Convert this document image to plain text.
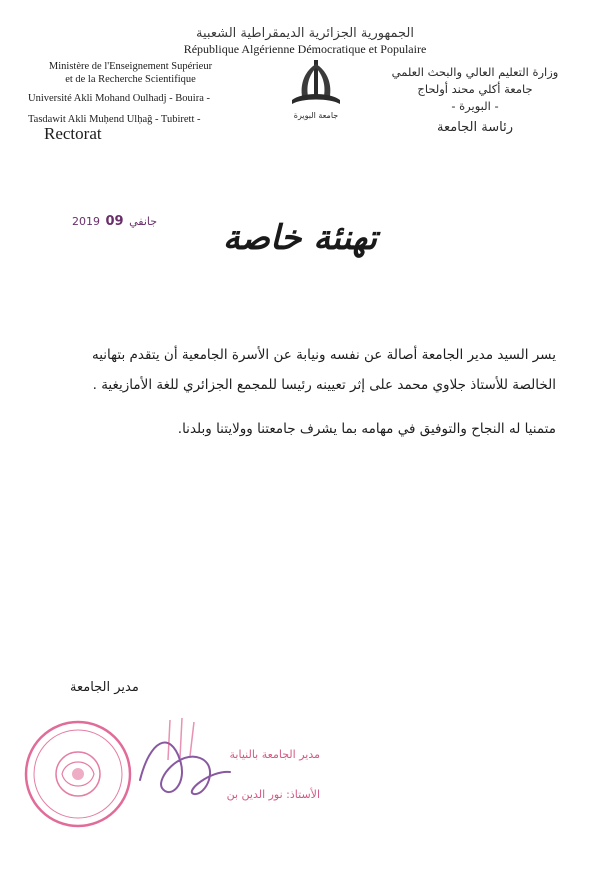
الجمهورية الجزائرية الديمقراطية الشعبية
République Algérienne Démocratique et Populaire
Ministère de l'Enseignement Supérieur
et de la Recherche Scientifique
Université Akli Mohand Oulhadj - Bouira -
Tasdawit Akli Muḥend Ulḥağ - Tubirett -
Rectorat
وزارة التعليم العالي والبحث العلمي
جامعة أكلي محند أولحاج
- البويرة -
رئاسة الجامعة
جامعة البويرة
2019	جانفي 09	تهنئة خاصة

يسر السيد مدير الجامعة أصالة عن نفسه ونيابة عن الأسرة الجامعية أن يتقدم بتهانيه

الخالصة للأستاذ جلاوي محمد على إثر تعيينه رئيسا للمجمع الجزائري للغة الأمازيغية .

متمنيا له النجاح والتوفيق في مهامه بما يشرف جامعتنا وولايتنا وبلدنا.

مدير الجامعة
مدير الجامعة بالنيابة
الأستاذ: نور الدين بن
